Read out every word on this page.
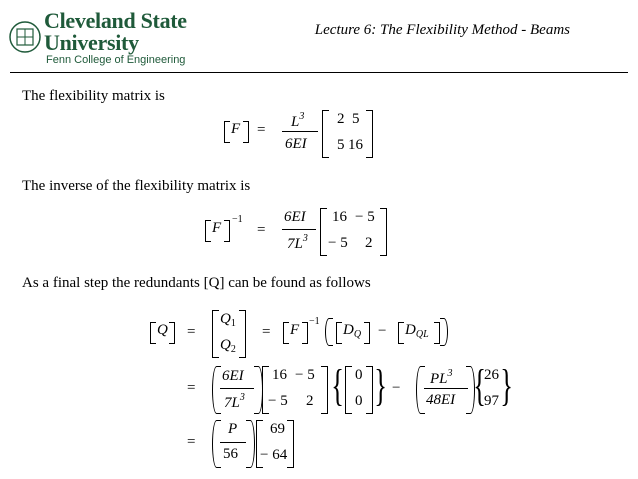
Cleveland State
University
Fenn College of Engineering
Lecture 6: The Flexibility Method - Beams
The flexibility matrix is
$F = L^3$
6EI
2 5
5 16
The inverse of the flexibility matrix is
F
−1
=
6EI
$7L^3$
16 − 5
− 5 2
As a final step the redundants [Q] can be found as follows
Q =
$Q_1$
$Q_2$
= F
−1
$D_Q - D_{QL}$
=
6EI
$7L^3$
16 − 5
− 5 2 { 0
0 } −
$PL^3$
48EI {
26
97 }
=
P
56
69
− 64
